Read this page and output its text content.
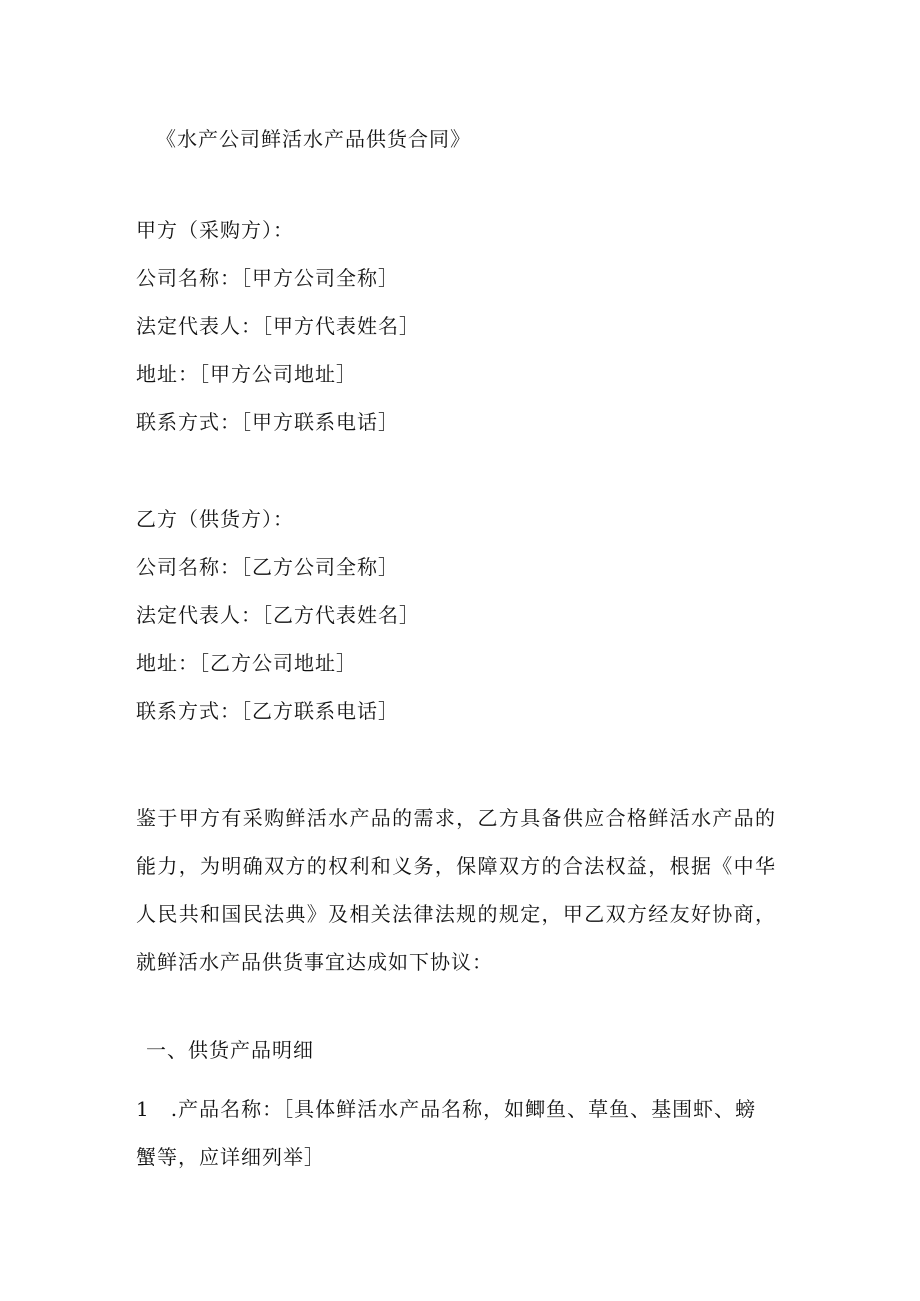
《水产公司鲜活水产品供货合同》
甲方（采购方）：
公司名称：［甲方公司全称］
法定代表人：［甲方代表姓名］
地址：［甲方公司地址］
联系方式：［甲方联系电话］
乙方（供货方）：
公司名称：［乙方公司全称］
法定代表人：［乙方代表姓名］
地址：［乙方公司地址］
联系方式：［乙方联系电话］
鉴于甲方有采购鲜活水产品的需求，乙方具备供应合格鲜活水产品的能力，为明确双方的权利和义务，保障双方的合法权益，根据《中华人民共和国民法典》及相关法律法规的规定，甲乙双方经友好协商，就鲜活水产品供货事宜达成如下协议：
一、供货产品明细
1　.产品名称：［具体鲜活水产品名称，如鲫鱼、草鱼、基围虾、螃蟹等，应详细列举］
